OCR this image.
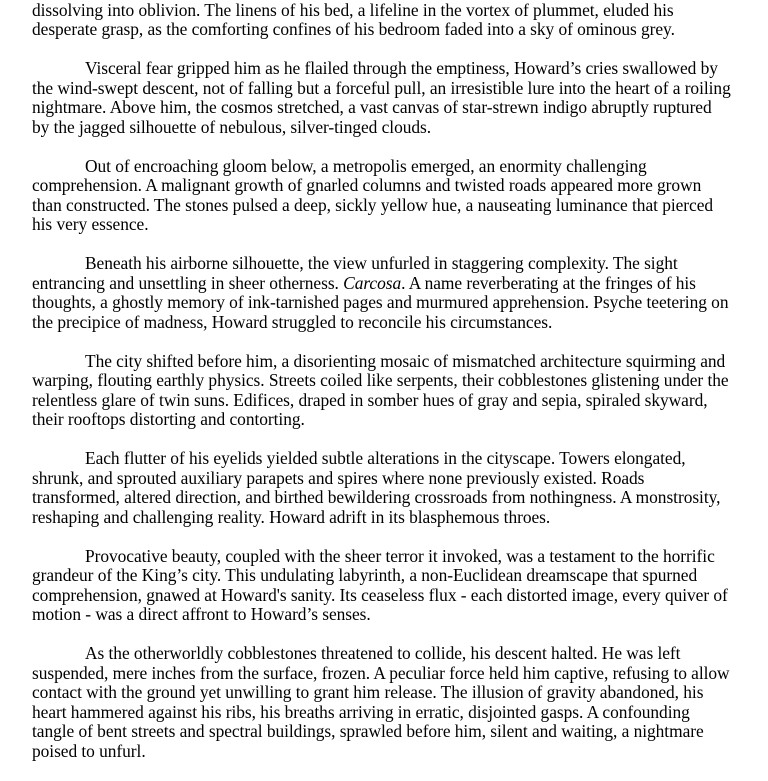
dissolving into oblivion. The linens of his bed, a lifeline in the vortex of plummet, eluded his desperate grasp, as the comforting confines of his bedroom faded into a sky of ominous grey.

Visceral fear gripped him as he flailed through the emptiness, Howard’s cries swallowed by the wind-swept descent, not of falling but a forceful pull, an irresistible lure into the heart of a roiling nightmare. Above him, the cosmos stretched, a vast canvas of star-strewn indigo abruptly ruptured by the jagged silhouette of nebulous, silver-tinged clouds.

Out of encroaching gloom below, a metropolis emerged, an enormity challenging comprehension. A malignant growth of gnarled columns and twisted roads appeared more grown than constructed. The stones pulsed a deep, sickly yellow hue, a nauseating luminance that pierced his very essence.

Beneath his airborne silhouette, the view unfurled in staggering complexity. The sight entrancing and unsettling in sheer otherness. Carcosa. A name reverberating at the fringes of his thoughts, a ghostly memory of ink-tarnished pages and murmured apprehension. Psyche teetering on the precipice of madness, Howard struggled to reconcile his circumstances.

The city shifted before him, a disorienting mosaic of mismatched architecture squirming and warping, flouting earthly physics. Streets coiled like serpents, their cobblestones glistening under the relentless glare of twin suns. Edifices, draped in somber hues of gray and sepia, spiraled skyward, their rooftops distorting and contorting.

Each flutter of his eyelids yielded subtle alterations in the cityscape. Towers elongated, shrunk, and sprouted auxiliary parapets and spires where none previously existed. Roads transformed, altered direction, and birthed bewildering crossroads from nothingness. A monstrosity, reshaping and challenging reality. Howard adrift in its blasphemous throes.

Provocative beauty, coupled with the sheer terror it invoked, was a testament to the horrific grandeur of the King’s city. This undulating labyrinth, a non-Euclidean dreamscape that spurned comprehension, gnawed at Howard's sanity. Its ceaseless flux - each distorted image, every quiver of motion - was a direct affront to Howard’s senses.

As the otherworldly cobblestones threatened to collide, his descent halted. He was left suspended, mere inches from the surface, frozen. A peculiar force held him captive, refusing to allow contact with the ground yet unwilling to grant him release. The illusion of gravity abandoned, his heart hammered against his ribs, his breaths arriving in erratic, disjointed gasps. A confounding tangle of bent streets and spectral buildings, sprawled before him, silent and waiting, a nightmare poised to unfurl.
